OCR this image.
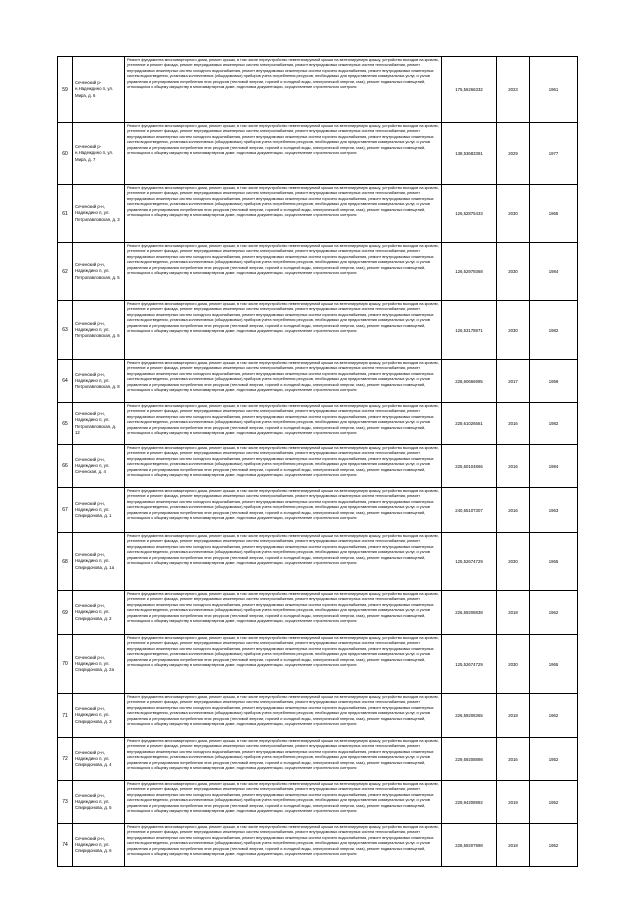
59	Сеченский р-н,Надеждино п, ул. Мира, д. 6	Ремонт фундамента многоквартирного дома, ремонт крыши, в том числе переустройство невентилируемой крыши на вентилируемую крышу, устройство выходов на кровлю, утепление и ремонт фасада, ремонт внутридомовых инженерных систем электроснабжения, ремонт внутридомовых инженерных систем теплоснабжения, ремонт внутридомовых инженерных систем холодного водоснабжения, ремонт внутридомовых инженерных систем горячего водоснабжения, ремонт внутридомовых инженерных систем водоотведения, установка коллективных (общедомовых) приборов учета потребления ресурсов, необходимых для предоставления коммунальных услуг, и узлов управления и регулирования потребления этих ресурсов (тепловой энергии, горячей и холодной воды, электрической энергии, газа), ремонт подвальных помещений, относящихся к общему имуществу в многоквартирном доме, подготовка документации, осуществление строительного контроля	175,56266332	2023	1961
60	Сеченский р-н,Надеждино п, ул. Мира, д. 7	Ремонт фундамента многоквартирного дома, ремонт крыши, в том числе переустройство невентилируемой крыши на вентилируемую крышу, устройство выходов на кровлю, утепление и ремонт фасада, ремонт внутридомовых инженерных систем электроснабжения, ремонт внутридомовых инженерных систем теплоснабжения, ремонт внутридомовых инженерных систем холодного водоснабжения, ремонт внутридомовых инженерных систем горячего водоснабжения, ремонт внутридомовых инженерных систем водоотведения, установка коллективных (общедомовых) приборов учета потребления ресурсов, необходимых для предоставления коммунальных услуг, и узлов управления и регулирования потребления этих ресурсов (тепловой энергии, горячей и холодной воды, электрической энергии, газа), ремонт подвальных помещений, относящихся к общему имуществу в многоквартирном доме, подготовка документации, осуществление строительного контроля	138,53683391	2029	1977
61	Сеченский р-н, Надеждино п, ул. Петропавловская, д. 3	Ремонт фундамента многоквартирного дома, ремонт крыши, в том числе переустройство невентилируемой крыши на вентилируемую крышу, устройство выходов на кровлю, утепление и ремонт фасада, ремонт внутридомовых инженерных систем электроснабжения, ремонт внутридомовых инженерных систем теплоснабжения, ремонт внутридомовых инженерных систем холодного водоснабжения, ремонт внутридомовых инженерных систем горячего водоснабжения, ремонт внутридомовых инженерных систем водоотведения, установка коллективных (общедомовых) приборов учета потребления ресурсов, необходимых для предоставления коммунальных услуг, и узлов управления и регулирования потребления этих ресурсов (тепловой энергии, горячей и холодной воды, электрической энергии, газа), ремонт подвальных помещений, относящихся к общему имуществу в многоквартирном доме, подготовка документации, осуществление строительного контроля	126,52875433	2030	1965
62	Сеченский р-н, Надеждино п, ул. Петропавловская, д. 5	Ремонт фундамента многоквартирного дома, ремонт крыши, в том числе переустройство невентилируемой крыши на вентилируемую крышу, устройство выходов на кровлю, утепление и ремонт фасада, ремонт внутридомовых инженерных систем электроснабжения, ремонт внутридомовых инженерных систем теплоснабжения, ремонт внутридомовых инженерных систем холодного водоснабжения, ремонт внутридомовых инженерных систем горячего водоснабжения, ремонт внутридомовых инженерных систем водоотведения, установка коллективных (общедомовых) приборов учета потребления ресурсов, необходимых для предоставления коммунальных услуг, и узлов управления и регулирования потребления этих ресурсов (тепловой энергии, горячей и холодной воды, электрической энергии, газа), ремонт подвальных помещений, относящихся к общему имуществу в многоквартирном доме, подготовка документации, осуществление строительного контроля	126,52979368	2030	1984
63	Сеченский р-н, Надеждино п, ул. Петропавловская, д. 6	Ремонт фундамента многоквартирного дома, ремонт крыши, в том числе переустройство невентилируемой крыши на вентилируемую крышу, устройство выходов на кровлю, утепление и ремонт фасада, ремонт внутридомовых инженерных систем электроснабжения, ремонт внутридомовых инженерных систем теплоснабжения, ремонт внутридомовых инженерных систем холодного водоснабжения, ремонт внутридомовых инженерных систем горячего водоснабжения, ремонт внутридомовых инженерных систем водоотведения, установка коллективных (общедомовых) приборов учета потребления ресурсов, необходимых для предоставления коммунальных услуг, и узлов управления и регулирования потребления этих ресурсов (тепловой энергии, горячей и холодной воды, электрической энергии, газа), ремонт подвальных помещений, относящихся к общему имуществу в многоквартирном доме, подготовка документации, осуществление строительного контроля	126,53178871	2030	1982
64	Сеченский р-н, Надеждино п, ул. Петропавловская, д. 8	Ремонт фундамента многоквартирного дома, ремонт крыши, в том числе переустройство невентилируемой крыши на вентилируемую крышу, устройство выходов на кровлю, утепление и ремонт фасада, ремонт внутридомовых инженерных систем электроснабжения, ремонт внутридомовых инженерных систем теплоснабжения, ремонт внутридомовых инженерных систем холодного водоснабжения, ремонт внутридомовых инженерных систем горячего водоснабжения, ремонт внутридомовых инженерных систем водоотведения, установка коллективных (общедомовых) приборов учета потребления ресурсов, необходимых для предоставления коммунальных услуг, и узлов управления и регулирования потребления этих ресурсов (тепловой энергии, горячей и холодной воды, электрической энергии, газа), ремонт подвальных помещений, относящихся к общему имуществу в многоквартирном доме, подготовка документации, осуществление строительного контроля	228,60666995	2017	1959
65	Сеченский р-н, Надеждино п, ул. Петропавловская, д. 12	Ремонт фундамента многоквартирного дома, ремонт крыши, в том числе переустройство невентилируемой крыши на вентилируемую крышу, устройство выходов на кровлю, утепление и ремонт фасада, ремонт внутридомовых инженерных систем электроснабжения, ремонт внутридомовых инженерных систем теплоснабжения, ремонт внутридомовых инженерных систем холодного водоснабжения, ремонт внутридомовых инженерных систем горячего водоснабжения, ремонт внутридомовых инженерных систем водоотведения, установка коллективных (общедомовых) приборов учета потребления ресурсов, необходимых для предоставления коммунальных услуг, и узлов управления и регулирования потребления этих ресурсов (тепловой энергии, горячей и холодной воды, электрической энергии, газа), ремонт подвальных помещений, относящихся к общему имуществу в многоквартирном доме, подготовка документации, осуществление строительного контроля	228,61026561	2016	1982
66	Сеченский р-н, Надеждино п, ул. Сеченская, д. 4	Ремонт фундамента многоквартирного дома, ремонт крыши, в том числе переустройство невентилируемой крыши на вентилируемую крышу, устройство выходов на кровлю, утепление и ремонт фасада, ремонт внутридомовых инженерных систем электроснабжения, ремонт внутридомовых инженерных систем теплоснабжения, ремонт внутридомовых инженерных систем холодного водоснабжения, ремонт внутридомовых инженерных систем горячего водоснабжения, ремонт внутридомовых инженерных систем водоотведения, установка коллективных (общедомовых) приборов учета потребления ресурсов, необходимых для предоставления коммунальных услуг, и узлов управления и регулирования потребления этих ресурсов (тепловой энергии, горячей и холодной воды, электрической энергии, газа), ремонт подвальных помещений, относящихся к общему имуществу в многоквартирном доме, подготовка документации, осуществление строительного контроля	225,60104866	2016	1984
67	Сеченский р-н, Надеждино п, ул. Спиридонова, д. 1	Ремонт фундамента многоквартирного дома, ремонт крыши, в том числе переустройство невентилируемой крыши на вентилируемую крышу, устройство выходов на кровлю, утепление и ремонт фасада, ремонт внутридомовых инженерных систем электроснабжения, ремонт внутридомовых инженерных систем теплоснабжения, ремонт внутридомовых инженерных систем холодного водоснабжения, ремонт внутридомовых инженерных систем горячего водоснабжения, ремонт внутридомовых инженерных систем водоотведения, установка коллективных (общедомовых) приборов учета потребления ресурсов, необходимых для предоставления коммунальных услуг, и узлов управления и регулирования потребления этих ресурсов (тепловой энергии, горячей и холодной воды, электрической энергии, газа), ремонт подвальных помещений, относящихся к общему имуществу в многоквартирном доме, подготовка документации, осуществление строительного контроля	240,55107307	2016	1963
68	Сеченский р-н, Надеждино п, ул. Спиридонова, д. 1а	Ремонт фундамента многоквартирного дома, ремонт крыши, в том числе переустройство невентилируемой крыши на вентилируемую крышу, устройство выходов на кровлю, утепление и ремонт фасада, ремонт внутридомовых инженерных систем электроснабжения, ремонт внутридомовых инженерных систем теплоснабжения, ремонт внутридомовых инженерных систем холодного водоснабжения, ремонт внутридомовых инженерных систем горячего водоснабжения, ремонт внутридомовых инженерных систем водоотведения, установка коллективных (общедомовых) приборов учета потребления ресурсов, необходимых для предоставления коммунальных услуг, и узлов управления и регулирования потребления этих ресурсов (тепловой энергии, горячей и холодной воды, электрической энергии, газа), ремонт подвальных помещений, относящихся к общему имуществу в многоквартирном доме, подготовка документации, осуществление строительного контроля	125,52674729	2030	1965
69	Сеченский р-н, Надеждино п, ул. Спиридонова, д. 2	Ремонт фундамента многоквартирного дома, ремонт крыши, в том числе переустройство невентилируемой крыши на вентилируемую крышу, устройство выходов на кровлю, утепление и ремонт фасада, ремонт внутридомовых инженерных систем электроснабжения, ремонт внутридомовых инженерных систем теплоснабжения, ремонт внутридомовых инженерных систем холодного водоснабжения, ремонт внутридомовых инженерных систем горячего водоснабжения, ремонт внутридомовых инженерных систем водоотведения, установка коллективных (общедомовых) приборов учета потребления ресурсов, необходимых для предоставления коммунальных услуг, и узлов управления и регулирования потребления этих ресурсов (тепловой энергии, горячей и холодной воды, электрической энергии, газа), ремонт подвальных помещений, относящихся к общему имуществу в многоквартирном доме, подготовка документации, осуществление строительного контроля	226,59208838	2018	1962
70	Сеченский р-н, Надеждино п, ул. Спиридонова, д. 2а	Ремонт фундамента многоквартирного дома, ремонт крыши, в том числе переустройство невентилируемой крыши на вентилируемую крышу, устройство выходов на кровлю, утепление и ремонт фасада, ремонт внутридомовых инженерных систем электроснабжения, ремонт внутридомовых инженерных систем теплоснабжения, ремонт внутридомовых инженерных систем холодного водоснабжения, ремонт внутридомовых инженерных систем горячего водоснабжения, ремонт внутридомовых инженерных систем водоотведения, установка коллективных (общедомовых) приборов учета потребления ресурсов, необходимых для предоставления коммунальных услуг, и узлов управления и регулирования потребления этих ресурсов (тепловой энергии, горячей и холодной воды, электрической энергии, газа), ремонт подвальных помещений, относящихся к общему имуществу в многоквартирном доме, подготовка документации, осуществление строительного контроля	125,52674729	2030	1965
71	Сеченский р-н, Надеждино п, ул. Спиридонова, д. 3	Ремонт фундамента многоквартирного дома, ремонт крыши, в том числе переустройство невентилируемой крыши на вентилируемую крышу, устройство выходов на кровлю, утепление и ремонт фасада, ремонт внутридомовых инженерных систем электроснабжения, ремонт внутридомовых инженерных систем теплоснабжения, ремонт внутридомовых инженерных систем холодного водоснабжения, ремонт внутридомовых инженерных систем горячего водоснабжения, ремонт внутридомовых инженерных систем водоотведения, установка коллективных (общедомовых) приборов учета потребления ресурсов, необходимых для предоставления коммунальных услуг, и узлов управления и регулирования потребления этих ресурсов (тепловой энергии, горячей и холодной воды, электрической энергии, газа), ремонт подвальных помещений, относящихся к общему имуществу в многоквартирном доме, подготовка документации, осуществление строительного контроля	226,59208365	2018	1962
72	Сеченский р-н, Надеждино п, ул. Спиридонова, д. 4	Ремонт фундамента многоквартирного дома, ремонт крыши, в том числе переустройство невентилируемой крыши на вентилируемую крышу, устройство выходов на кровлю, утепление и ремонт фасада, ремонт внутридомовых инженерных систем электроснабжения, ремонт внутридомовых инженерных систем теплоснабжения, ремонт внутридомовых инженерных систем холодного водоснабжения, ремонт внутридомовых инженерных систем горячего водоснабжения, ремонт внутридомовых инженерных систем водоотведения, установка коллективных (общедомовых) приборов учета потребления ресурсов, необходимых для предоставления коммунальных услуг, и узлов управления и регулирования потребления этих ресурсов (тепловой энергии, горячей и холодной воды, электрической энергии, газа), ремонт подвальных помещений, относящихся к общему имуществу в многоквартирном доме, подготовка документации, осуществление строительного контроля	229,59208898	2016	1952
73	Сеченский р-н, Надеждино п, ул. Спиридонова, д. 5	Ремонт фундамента многоквартирного дома, ремонт крыши, в том числе переустройство невентилируемой крыши на вентилируемую крышу, устройство выходов на кровлю, утепление и ремонт фасада, ремонт внутридомовых инженерных систем электроснабжения, ремонт внутридомовых инженерных систем теплоснабжения, ремонт внутридомовых инженерных систем холодного водоснабжения, ремонт внутридомовых инженерных систем горячего водоснабжения, ремонт внутридомовых инженерных систем водоотведения, установка коллективных (общедомовых) приборов учета потребления ресурсов, необходимых для предоставления коммунальных услуг, и узлов управления и регулирования потребления этих ресурсов (тепловой энергии, горячей и холодной воды, электрической энергии, газа), ремонт подвальных помещений, относящихся к общему имуществу в многоквартирном доме, подготовка документации, осуществление строительного контроля	229,94208992	2019	1952
74	Сеченский р-н, Надеждино п, ул. Спиридонова, д. 6	Ремонт фундамента многоквартирного дома, ремонт крыши, в том числе переустройство невентилируемой крыши на вентилируемую крышу, устройство выходов на кровлю, утепление и ремонт фасада, ремонт внутридомовых инженерных систем электроснабжения, ремонт внутридомовых инженерных систем теплоснабжения, ремонт внутридомовых инженерных систем холодного водоснабжения, ремонт внутридомовых инженерных систем горячего водоснабжения, ремонт внутридомовых инженерных систем водоотведения, установка коллективных (общедомовых) приборов учета потребления ресурсов, необходимых для предоставления коммунальных услуг, и узлов управления и регулирования потребления этих ресурсов (тепловой энергии, горячей и холодной воды, электрической энергии, газа), ремонт подвальных помещений, относящихся к общему имуществу в многоквартирном доме, подготовка документации, осуществление строительного контроля	228,59207998	2018	1952
